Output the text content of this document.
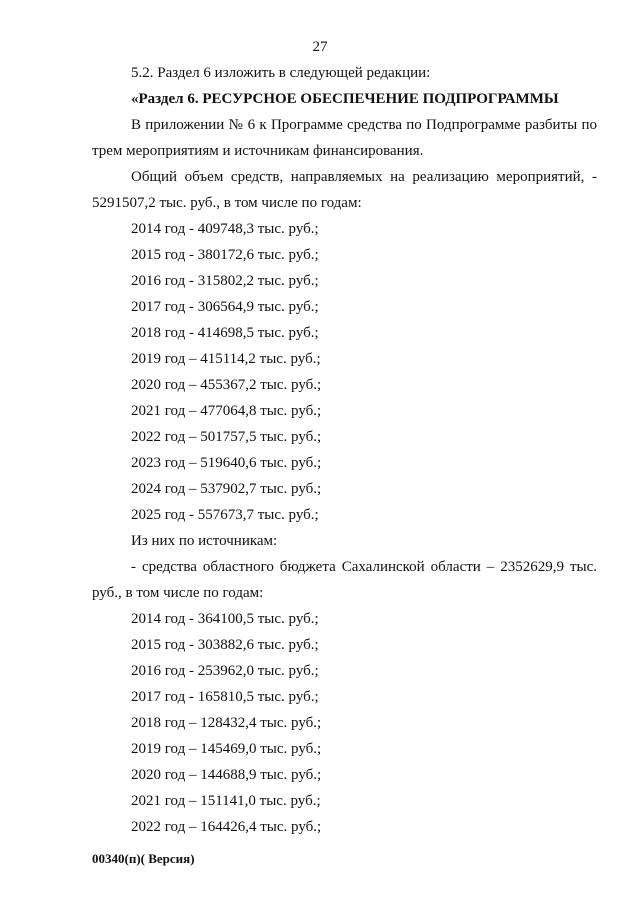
27
5.2. Раздел 6 изложить в следующей редакции:
«Раздел 6. РЕСУРСНОЕ ОБЕСПЕЧЕНИЕ ПОДПРОГРАММЫ
В приложении № 6 к Программе средства по Подпрограмме разбиты по
трем мероприятиям и источникам финансирования.
Общий объем средств, направляемых на реализацию мероприятий, -
5291507,2 тыс. руб., в том числе по годам:
2014 год - 409748,3 тыс. руб.;
2015 год - 380172,6 тыс. руб.;
2016 год - 315802,2 тыс. руб.;
2017 год - 306564,9 тыс. руб.;
2018 год - 414698,5 тыс. руб.;
2019 год – 415114,2 тыс. руб.;
2020 год – 455367,2 тыс. руб.;
2021 год – 477064,8 тыс. руб.;
2022 год – 501757,5 тыс. руб.;
2023 год – 519640,6 тыс. руб.;
2024 год – 537902,7 тыс. руб.;
2025 год - 557673,7 тыс. руб.;
Из них по источникам:
- средства областного бюджета Сахалинской области – 2352629,9 тыс.
руб., в том числе по годам:
2014 год - 364100,5 тыс. руб.;
2015 год - 303882,6 тыс. руб.;
2016 год - 253962,0 тыс. руб.;
2017 год - 165810,5 тыс. руб.;
2018 год – 128432,4 тыс. руб.;
2019 год – 145469,0 тыс. руб.;
2020 год – 144688,9 тыс. руб.;
2021 год – 151141,0 тыс. руб.;
2022 год – 164426,4 тыс. руб.;
00340(п)( Версия)
